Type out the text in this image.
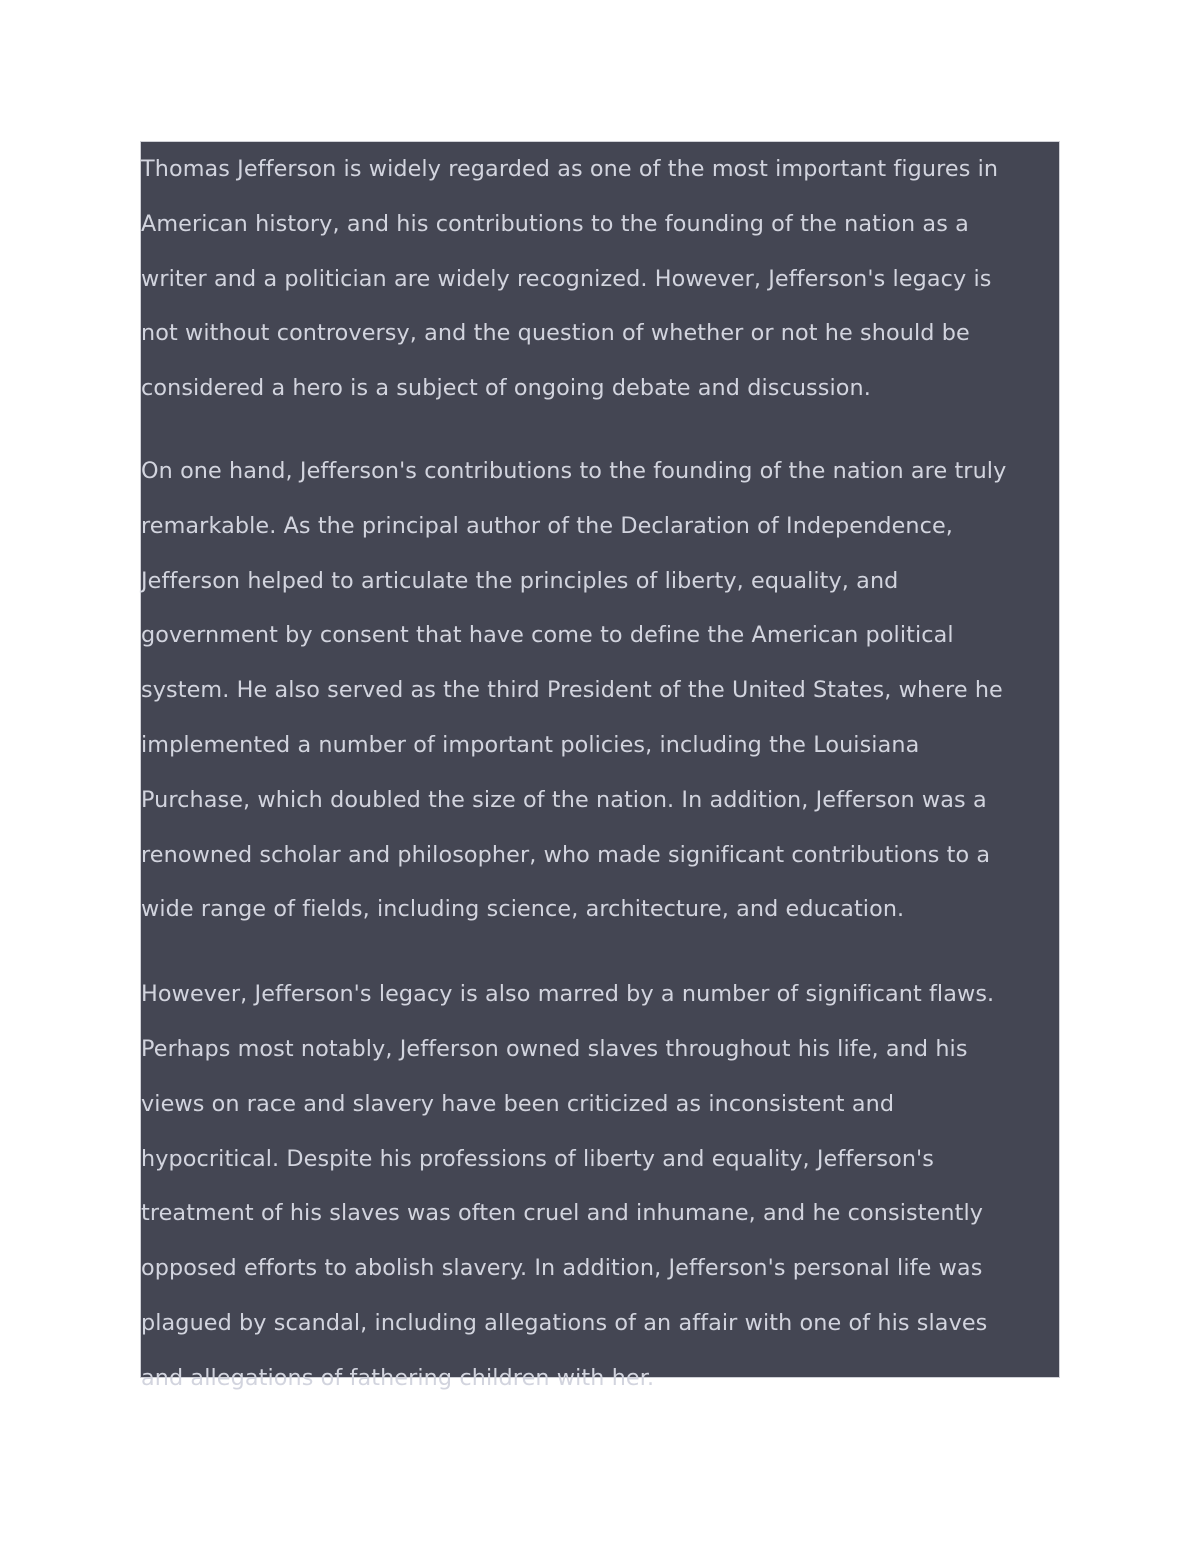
Thomas Jefferson is widely regarded as one of the most important figures in
American history, and his contributions to the founding of the nation as a
writer and a politician are widely recognized. However, Jefferson's legacy is
not without controversy, and the question of whether or not he should be
considered a hero is a subject of ongoing debate and discussion.

On one hand, Jefferson's contributions to the founding of the nation are truly
remarkable. As the principal author of the Declaration of Independence,
Jefferson helped to articulate the principles of liberty, equality, and
government by consent that have come to define the American political
system. He also served as the third President of the United States, where he
implemented a number of important policies, including the Louisiana
Purchase, which doubled the size of the nation. In addition, Jefferson was a
renowned scholar and philosopher, who made significant contributions to a
wide range of fields, including science, architecture, and education.

However, Jefferson's legacy is also marred by a number of significant flaws.
Perhaps most notably, Jefferson owned slaves throughout his life, and his
views on race and slavery have been criticized as inconsistent and
hypocritical. Despite his professions of liberty and equality, Jefferson's
treatment of his slaves was often cruel and inhumane, and he consistently
opposed efforts to abolish slavery. In addition, Jefferson's personal life was
plagued by scandal, including allegations of an affair with one of his slaves
and allegations of fathering children with her.
